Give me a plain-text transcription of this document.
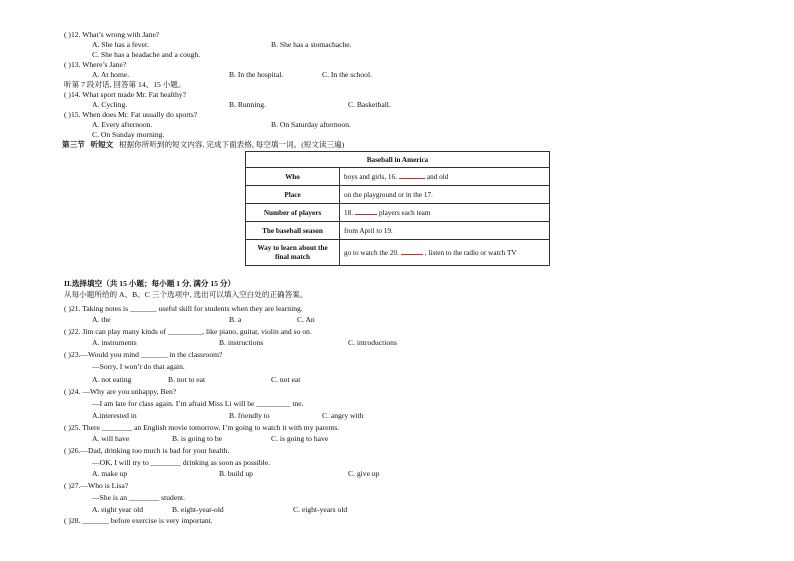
( )12. What’s wrong with Jane?
A. She has a fever.	B. She has a stomachache.
C. She has a headache and a cough.
( )13. Where’s Jane?
A. At home.	B. In the hospital.	C. In the school.
听第 7 段对话, 回答第 14、15 小题。
( )14. What sport made Mr. Fat healthy?
A. Cycling.	B. Running.	C. Basketball.
( )15. When does Mr. Fat usually do sports?
A. Every afternoon.	B. On Saturday afternoon.
C. On Sunday morning.
第三节 听短文 根据你所听到的短文内容, 完成下面表格, 每空填一词。(短文读三遍)
Baseball in America	
Who	boys and girls, 16. and old
Place	on the playground or in the 17.
Number of players	18. players each team
The baseball season	from April to 19.
Way to learn about the final match	go to watch the 20. , listen to the radio or watch TV
II.选择填空（共 15 小题；每小题 1 分, 满分 15 分）
从每小题所给的 A、B、C 三个选项中, 选出可以填入空白处的正确答案。
( )21. Taking notes is _______ useful skill for students when they are learning.
A. the	B. a	C. An
( )22. Jim can play many kinds of _________, like piano, guitar, violin and so on.
A. instruments	B. instructions	C. introductions
( )23.—Would you mind _______ in the classroom?
—Sorry, I won’t do that again.
A. not eating	B. not to eat	C. not eat
( )24. —Why are you unhappy, Ben?
—I am late for class again. I’m afraid Miss Li will be _________ me.
A.interested in	B. friendly to	C. angry with
( )25. There ________ an English movie tomorrow. I’m going to watch it with my parents.
A. will have	B. is going to be	C. is going to have
( )26.—Dad, drinking too much is bad for your health.
—OK, I will try to ________ drinking as soon as possible.
A. make up	B. build up	C. give up
( )27.—Who is Lisa?
—She is an ________ student.
A. eight year old	B. eight-year-old	C. eight-years old
( )28. _______ before exercise is very important.
